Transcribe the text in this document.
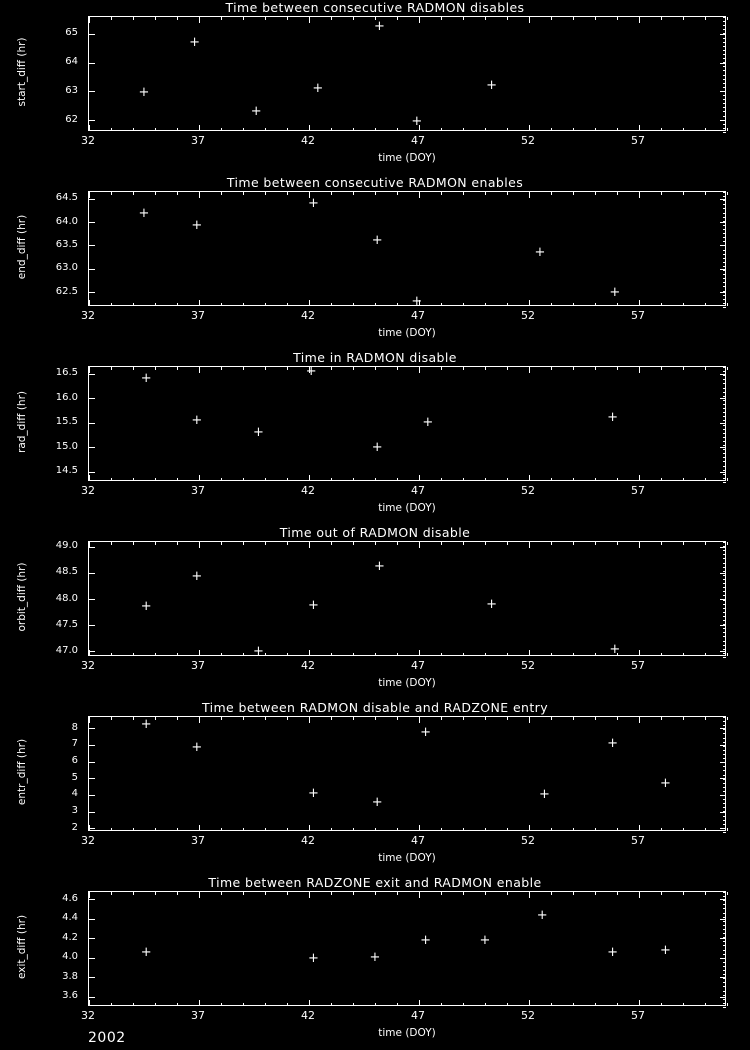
Time between consecutive RADMON disables
+
+
+
+
+
+
+
62
63
64
65
32	37	42	47	52	57
start_diff (hr)
time (DOY)
Time between consecutive RADMON enables
+
+
+
+
+
+
+
62.5
63.0
63.5
64.0
64.5
32	37	42	47	52	57
end_diff (hr)
time (DOY)
Time in RADMON disable
+
+
+
+
+
+	+
14.5
15.0
15.5
16.0
16.5
32	37	42	47	52	57
rad_diff (hr)
time (DOY)
Time out of RADMON disable
+
+
+
+
+
+
+
47.0
47.5
48.0
48.5
49.0
32	37	42	47	52	57
orbit_diff (hr)
time (DOY)
Time between RADMON disable and RADZONE entry
+
+
+
+
+
+
+
+
2
3
4
5
6
7
8
32	37	42	47	52	57
entr_diff (hr)
time (DOY)
Time between RADZONE exit and RADMON enable
+	+	+
+	+
+
+	+
3.6
3.8
4.0
4.2
4.4
4.6
32	37	42	47	52	57
exit_diff (hr)
time (DOY)
2002
